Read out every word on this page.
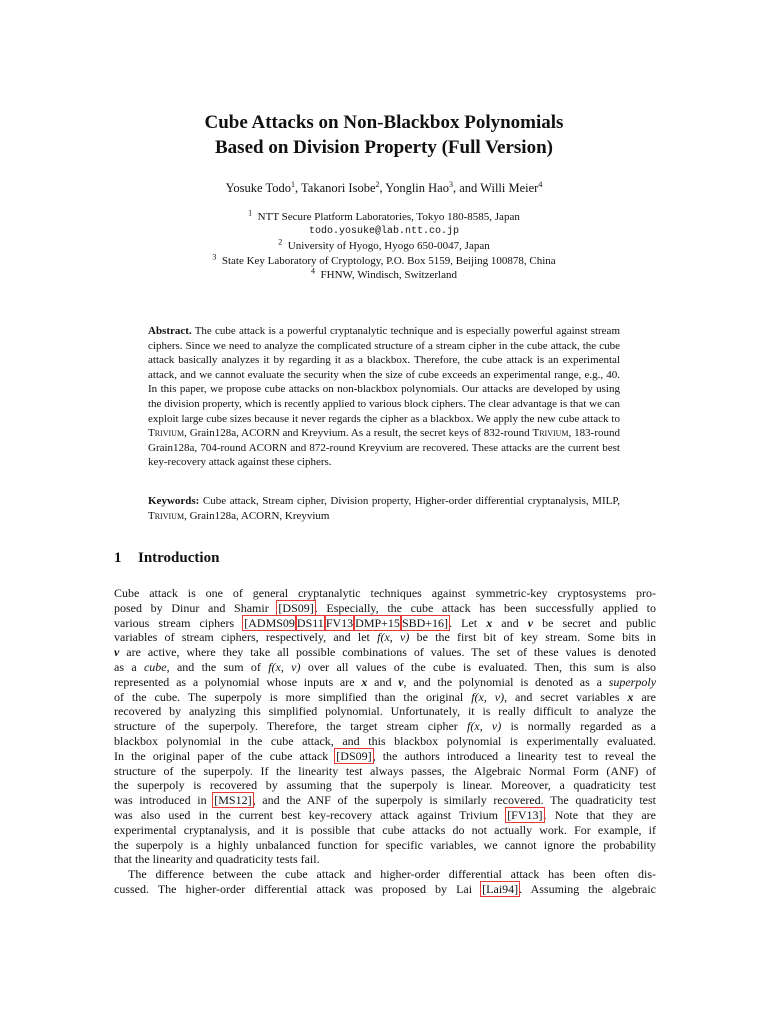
Cube Attacks on Non-Blackbox Polynomials
Based on Division Property (Full Version)
Yosuke Todo$^1$, Takanori Isobe$^2$, Yonglin Hao$^3$, and Willi Meier$^4$
$^1$ NTT Secure Platform Laboratories, Tokyo 180-8585, Japan
todo.yosuke@lab.ntt.co.jp
$^2$ University of Hyogo, Hyogo 650-0047, Japan
$^3$ State Key Laboratory of Cryptology, P.O. Box 5159, Beijing 100878, China
$^4$ FHNW, Windisch, Switzerland
Abstract. The cube attack is a powerful cryptanalytic technique and is especially powerful against stream ciphers. Since we need to analyze the complicated structure of a stream cipher in the cube attack, the cube attack basically analyzes it by regarding it as a blackbox. Therefore, the cube attack is an experimental attack, and we cannot evaluate the security when the size of cube exceeds an experimental range, e.g., 40. In this paper, we propose cube attacks on non-blackbox polynomials. Our attacks are developed by using the division property, which is recently applied to various block ciphers. The clear advantage is that we can exploit large cube sizes because it never regards the cipher as a blackbox. We apply the new cube attack to Trivium, Grain128a, ACORN and Kreyvium. As a result, the secret keys of 832-round Trivium, 183-round Grain128a, 704-round ACORN and 872-round Kreyvium are recovered. These attacks are the current best key-recovery attack against these ciphers.
Keywords: Cube attack, Stream cipher, Division property, Higher-order differential cryptanalysis, MILP, Trivium, Grain128a, ACORN, Kreyvium
1 Introduction
Cube attack is one of general cryptanalytic techniques against symmetric-key cryptosystems pro-
posed by Dinur and Shamir [DS09]. Especially, the cube attack has been successfully applied to
various stream ciphers [ADMS09 DS11 FV13 DMP+15 SBD+16]. Let x and v be secret and public
variables of stream ciphers, respectively, and let f(x, v) be the first bit of key stream. Some bits in
v are active, where they take all possible combinations of values. The set of these values is denoted
as a cube, and the sum of f(x, v) over all values of the cube is evaluated. Then, this sum is also
represented as a polynomial whose inputs are x and v, and the polynomial is denoted as a superpoly
of the cube. The superpoly is more simplified than the original f(x, v), and secret variables x are
recovered by analyzing this simplified polynomial. Unfortunately, it is really difficult to analyze the
structure of the superpoly. Therefore, the target stream cipher f(x, v) is normally regarded as a
blackbox polynomial in the cube attack, and this blackbox polynomial is experimentally evaluated.
In the original paper of the cube attack [DS09], the authors introduced a linearity test to reveal the
structure of the superpoly. If the linearity test always passes, the Algebraic Normal Form (ANF) of
the superpoly is recovered by assuming that the superpoly is linear. Moreover, a quadraticity test
was introduced in [MS12], and the ANF of the superpoly is similarly recovered. The quadraticity test
was also used in the current best key-recovery attack against Trivium [FV13]. Note that they are
experimental cryptanalysis, and it is possible that cube attacks do not actually work. For example, if
the superpoly is a highly unbalanced function for specific variables, we cannot ignore the probability
that the linearity and quadraticity tests fail.
The difference between the cube attack and higher-order differential attack has been often dis-
cussed. The higher-order differential attack was proposed by Lai [Lai94]. Assuming the algebraic
